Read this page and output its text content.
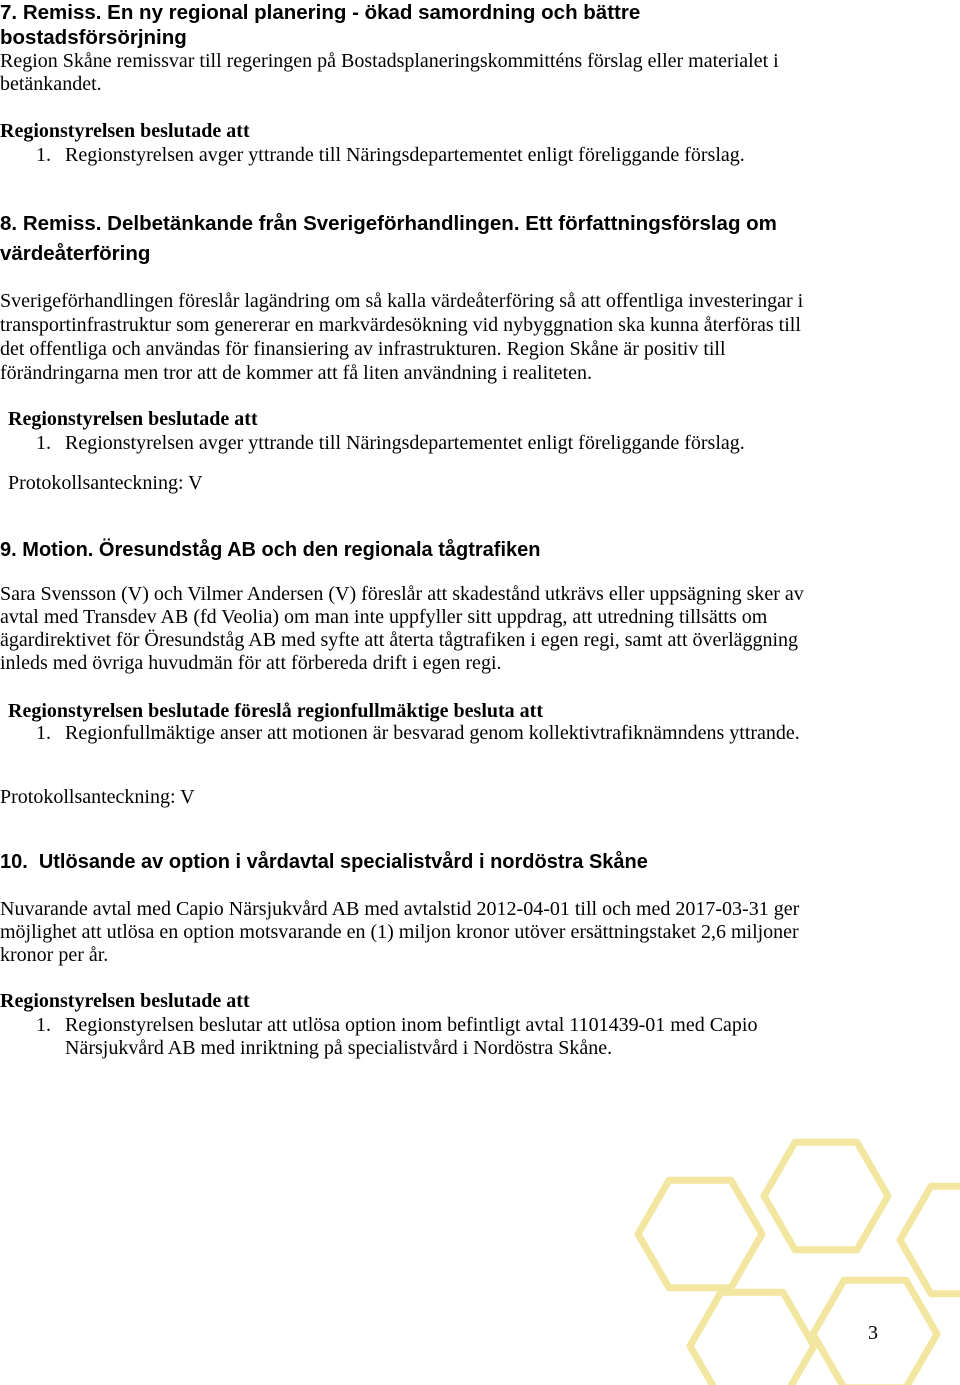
7. Remiss. En ny regional planering - ökad samordning och bättre
bostadsförsörjning
Region Skåne remissvar till regeringen på Bostadsplaneringskommitténs förslag eller materialet i
betänkandet.
Regionstyrelsen beslutade att
1. Regionstyrelsen avger yttrande till Näringsdepartementet enligt föreliggande förslag.
8. Remiss. Delbetänkande från Sverigeförhandlingen. Ett författningsförslag om
värdeåterföring
Sverigeförhandlingen föreslår lagändring om så kalla värdeåterföring så att offentliga investeringar i
transportinfrastruktur som genererar en markvärdesökning vid nybyggnation ska kunna återföras till
det offentliga och användas för finansiering av infrastrukturen. Region Skåne är positiv till
förändringarna men tror att de kommer att få liten användning i realiteten.
Regionstyrelsen beslutade att
1. Regionstyrelsen avger yttrande till Näringsdepartementet enligt föreliggande förslag.
Protokollsanteckning: V
9. Motion. Öresundståg AB och den regionala tågtrafiken
Sara Svensson (V) och Vilmer Andersen (V) föreslår att skadestånd utkrävs eller uppsägning sker av
avtal med Transdev AB (fd Veolia) om man inte uppfyller sitt uppdrag, att utredning tillsätts om
ägardirektivet för Öresundståg AB med syfte att återta tågtrafiken i egen regi, samt att överläggning
inleds med övriga huvudmän för att förbereda drift i egen regi.
Regionstyrelsen beslutade föreslå regionfullmäktige besluta att
1. Regionfullmäktige anser att motionen är besvarad genom kollektivtrafiknämndens yttrande.
Protokollsanteckning: V
10. Utlösande av option i vårdavtal specialistvård i nordöstra Skåne
Nuvarande avtal med Capio Närsjukvård AB med avtalstid 2012-04-01 till och med 2017-03-31 ger
möjlighet att utlösa en option motsvarande en (1) miljon kronor utöver ersättningstaket 2,6 miljoner
kronor per år.
Regionstyrelsen beslutade att
1. Regionstyrelsen beslutar att utlösa option inom befintligt avtal 1101439-01 med Capio
Närsjukvård AB med inriktning på specialistvård i Nordöstra Skåne.
3
